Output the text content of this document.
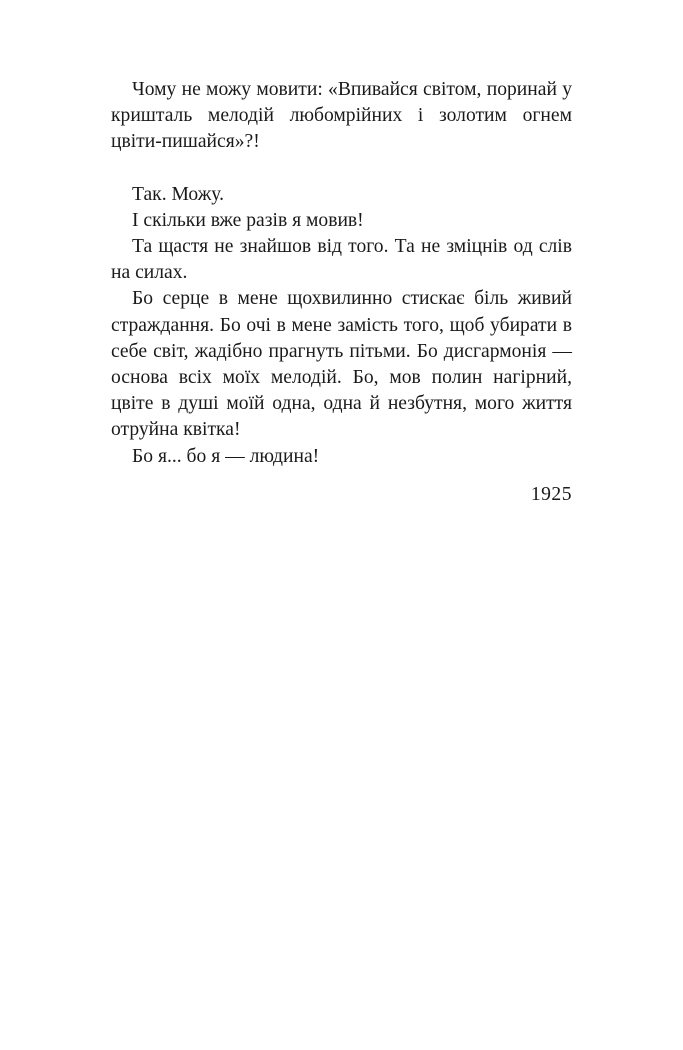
Чому не можу мовити: «Впивайся світом, поринай у кришталь мелодій любомрійних і золотим огнем цвіти-пишайся»?!

Так. Можу.

І скільки вже разів я мовив!

Та щастя не знайшов від того. Та не зміцнів од слів на силах.

Бо серце в мене щохвилинно стискає біль живий страждання. Бо очі в мене замість того, щоб убирати в себе світ, жадібно прагнуть пітьми. Бо дисгармонія — основа всіх моїх мелодій. Бо, мов полин нагірний, цвіте в душі моїй одна, одна й незбутня, мого життя отруйна квітка!

Бо я... бо я — людина!

1925
